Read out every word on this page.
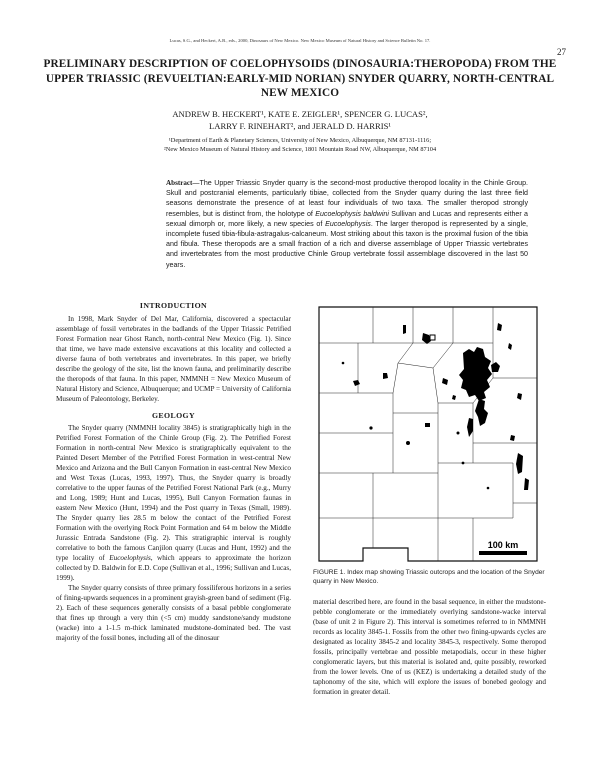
Lucas, S.G., and Heckert, A.B., eds., 2000, Dinosaurs of New Mexico. New Mexico Museum of Natural History and Science Bulletin No. 17.
27
PRELIMINARY DESCRIPTION OF COELOPHYSOIDS (DINOSAURIA:THEROPODA) FROM THE UPPER TRIASSIC (REVUELTIAN:EARLY-MID NORIAN) SNYDER QUARRY, NORTH-CENTRAL NEW MEXICO
ANDREW B. HECKERT¹, KATE E. ZEIGLER¹, SPENCER G. LUCAS²,
LARRY F. RINEHART², and JERALD D. HARRIS¹
¹Department of Earth & Planetary Sciences, University of New Mexico, Albuquerque, NM 87131-1116;
²New Mexico Museum of Natural History and Science, 1801 Mountain Road NW, Albuquerque, NM 87104
Abstract—The Upper Triassic Snyder quarry is the second-most productive theropod locality in the Chinle Group. Skull and postcranial elements, particularly tibiae, collected from the Snyder quarry during the last three field seasons demonstrate the presence of at least four individuals of two taxa. The smaller theropod strongly resembles, but is distinct from, the holotype of Eucoelophysis baldwini Sullivan and Lucas and represents either a sexual dimorph or, more likely, a new species of Eucoelophysis. The larger theropod is represented by a single, incomplete fused tibia-fibula-astragalus-calcaneum. Most striking about this taxon is the proximal fusion of the tibia and fibula. These theropods are a small fraction of a rich and diverse assemblage of Upper Triassic vertebrates and invertebrates from the most productive Chinle Group vertebrate fossil assemblage discovered in the last 50 years.
INTRODUCTION

In 1998, Mark Snyder of Del Mar, California, discovered a spectacular assemblage of fossil vertebrates in the badlands of the Upper Triassic Petrified Forest Formation near Ghost Ranch, north-central New Mexico (Fig. 1). Since that time, we have made extensive excavations at this locality and collected a diverse fauna of both vertebrates and invertebrates. In this paper, we briefly describe the geology of the site, list the known fauna, and preliminarily describe the theropods of that fauna. In this paper, NMMNH = New Mexico Museum of Natural History and Science, Albuquerque; and UCMP = University of California Museum of Paleontology, Berkeley.

GEOLOGY

The Snyder quarry (NMMNH locality 3845) is stratigraphically high in the Petrified Forest Formation of the Chinle Group (Fig. 2). The Petrified Forest Formation in north-central New Mexico is stratigraphically equivalent to the Painted Desert Member of the Petrified Forest Formation in west-central New Mexico and Arizona and the Bull Canyon Formation in east-central New Mexico and West Texas (Lucas, 1993, 1997). Thus, the Snyder quarry is broadly correlative to the upper faunas of the Petrified Forest National Park (e.g., Murry and Long, 1989; Hunt and Lucas, 1995), Bull Canyon Formation faunas in eastern New Mexico (Hunt, 1994) and the Post quarry in Texas (Small, 1989). The Snyder quarry lies 28.5 m below the contact of the Petrified Forest Formation with the overlying Rock Point Formation and 64 m below the Middle Jurassic Entrada Sandstone (Fig. 2). This stratigraphic interval is roughly correlative to both the famous Canjilon quarry (Lucas and Hunt, 1992) and the type locality of Eucoelophysis, which appears to approximate the horizon collected by D. Baldwin for E.D. Cope (Sullivan et al., 1996; Sullivan and Lucas, 1999).

The Snyder quarry consists of three primary fossiliferous horizons in a series of fining-upwards sequences in a prominent grayish-green band of sediment (Fig. 2). Each of these sequences generally consists of a basal pebble conglomerate that fines up through a very thin (<5 cm) muddy sandstone/sandy mudstone (wacke) into a 1-1.5 m-thick laminated mudstone-dominated bed. The vast majority of the fossil bones, including all of the dinosaur

100 km
FIGURE 1. Index map showing Triassic outcrops and the location of the Snyder quarry in New Mexico.

material described here, are found in the basal sequence, in either the mudstone-pebble conglomerate or the immediately overlying sandstone-wacke interval (base of unit 2 in Figure 2). This interval is sometimes referred to in NMMNH records as locality 3845-1. Fossils from the other two fining-upwards cycles are designated as locality 3845-2 and locality 3845-3, respectively. Some theropod fossils, principally vertebrae and possible metapodials, occur in these higher conglomeratic layers, but this material is isolated and, quite possibly, reworked from the lower levels. One of us (KEZ) is undertaking a detailed study of the taphonomy of the site, which will explore the issues of bonebed geology and formation in greater detail.
